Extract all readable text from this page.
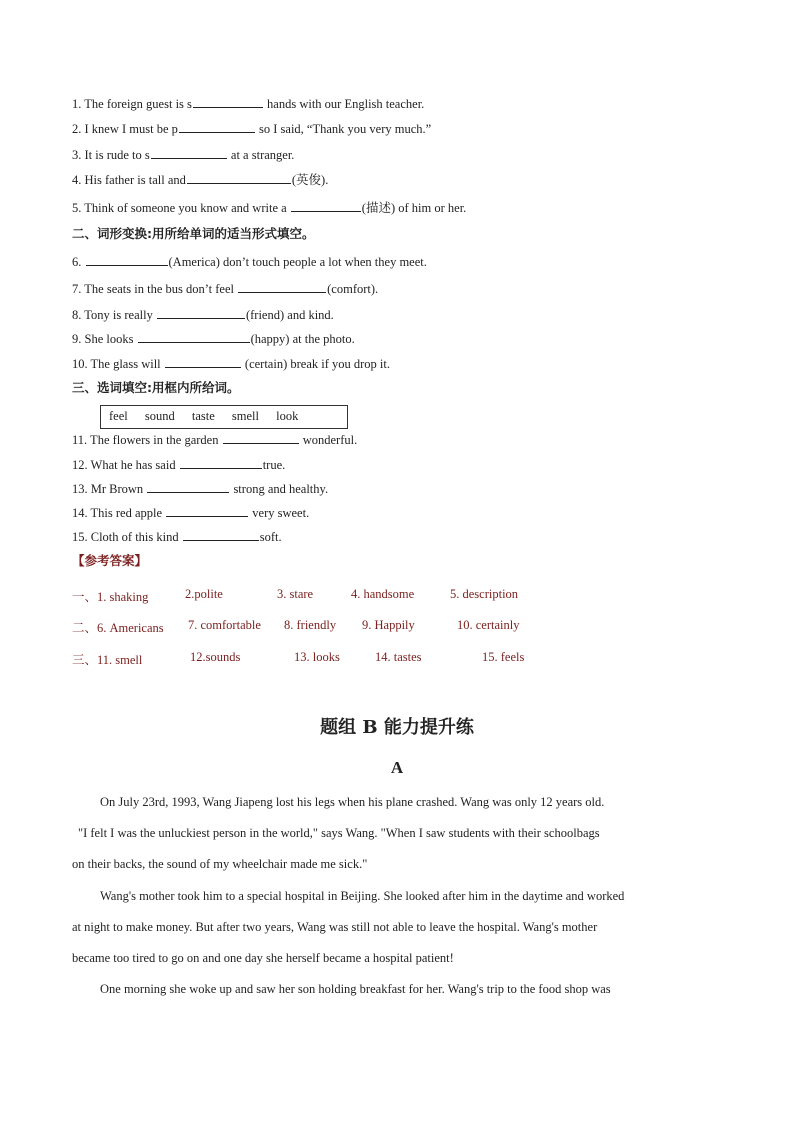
1. The foreign guest is s	hands with our English teacher.
2. I knew I must be p	so I said, “Thank you very much.”
3. It is rude to s	at a stranger.
4. His father is tall and	(英俊).
5. Think of someone you know and write a	(描述) of him or her.
二、词形变换:用所给单词的适当形式填空。
6.	(America) don’t touch people a lot when they meet.
7. The seats in the bus don’t feel	(comfort).
8. Tony is really	(friend) and kind.
9. She looks	(happy) at the photo.
10. The glass will	(certain) break if you drop it.
三、选词填空:用框内所给词。
feel sound taste smell look
11. The flowers in the garden	wonderful.
12. What he has said	true.
13. Mr Brown	strong and healthy.
14. This red apple	very sweet.
15. Cloth of this kind	soft.
【参考答案】
一、1. shaking	2.polite	3. stare	4. handsome	5. description
二、6. Americans 7. comfortable 8. friendly 9. Happily	10. certainly
三、11. smell	12.sounds	13. looks	14. tastes	15. feels
题组 B 能力提升练
A
On July 23rd, 1993, Wang Jiapeng lost his legs when his plane crashed. Wang was only 12 years old.
"I felt I was the unluckiest person in the world," says Wang. "When I saw students with their schoolbags
on their backs, the sound of my wheelchair made me sick."
Wang's mother took him to a special hospital in Beijing. She looked after him in the daytime and worked
at night to make money. But after two years, Wang was still not able to leave the hospital. Wang's mother
became too tired to go on and one day she herself became a hospital patient!
One morning she woke up and saw her son holding breakfast for her. Wang's trip to the food shop was
